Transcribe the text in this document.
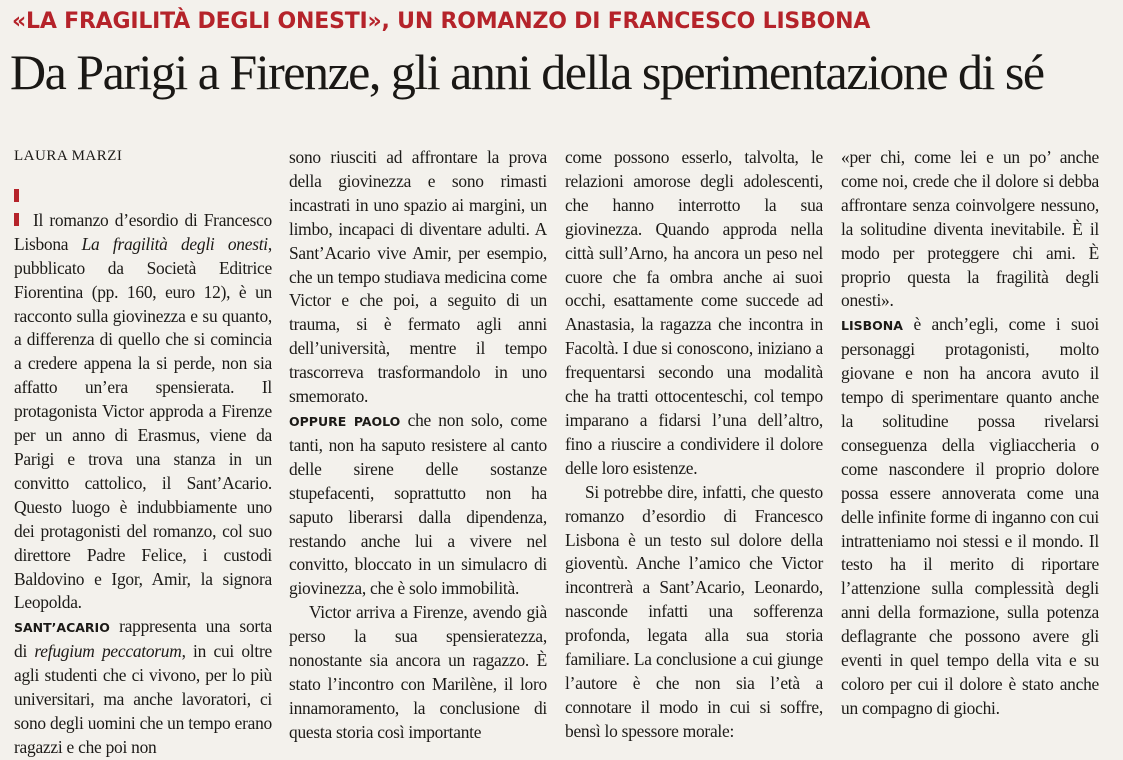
«LA FRAGILITÀ DEGLI ONESTI», UN ROMANZO DI FRANCESCO LISBONA
Da Parigi a Firenze, gli anni della sperimentazione di sé
LAURA MARZI

Il romanzo d’esordio di Francesco Lisbona La fragilità degli onesti, pubblicato da Società Editrice Fiorentina (pp. 160, euro 12), è un racconto sulla giovinezza e su quanto, a differenza di quello che si comincia a credere appena la si perde, non sia affatto un’era spensierata. Il protagonista Victor approda a Firenze per un anno di Erasmus, viene da Parigi e trova una stanza in un convitto cattolico, il Sant’Acario. Questo luogo è indubbiamente uno dei protagonisti del romanzo, col suo direttore Padre Felice, i custodi Baldovino e Igor, Amir, la signora Leopolda.

SANT’ACARIO rappresenta una sorta di refugium peccatorum, in cui oltre agli studenti che ci vivono, per lo più universitari, ma anche lavoratori, ci sono degli uomini che un tempo erano ragazzi e che poi non

sono riusciti ad affrontare la prova della giovinezza e sono rimasti incastrati in uno spazio ai margini, un limbo, incapaci di diventare adulti. A Sant’Acario vive Amir, per esempio, che un tempo studiava medicina come Victor e che poi, a seguito di un trauma, si è fermato agli anni dell’università, mentre il tempo trascorreva trasformandolo in uno smemorato.

OPPURE PAOLO che non solo, come tanti, non ha saputo resistere al canto delle sirene delle sostanze stupefacenti, soprattutto non ha saputo liberarsi dalla dipendenza, restando anche lui a vivere nel convitto, bloccato in un simulacro di giovinezza, che è solo immobilità.

Victor arriva a Firenze, avendo già perso la sua spensieratezza, nonostante sia ancora un ragazzo. È stato l’incontro con Marilène, il loro innamoramento, la conclusione di questa storia così importante

come possono esserlo, talvolta, le relazioni amorose degli adolescenti, che hanno interrotto la sua giovinezza. Quando approda nella città sull’Arno, ha ancora un peso nel cuore che fa ombra anche ai suoi occhi, esattamente come succede ad Anastasia, la ragazza che incontra in Facoltà. I due si conoscono, iniziano a frequentarsi secondo una modalità che ha tratti ottocenteschi, col tempo imparano a fidarsi l’una dell’altro, fino a riuscire a condividere il dolore delle loro esistenze.

Si potrebbe dire, infatti, che questo romanzo d’esordio di Francesco Lisbona è un testo sul dolore della gioventù. Anche l’amico che Victor incontrerà a Sant’Acario, Leonardo, nasconde infatti una sofferenza profonda, legata alla sua storia familiare. La conclusione a cui giunge l’autore è che non sia l’età a connotare il modo in cui si soffre, bensì lo spessore morale:

«per chi, come lei e un po’ anche come noi, crede che il dolore si debba affrontare senza coinvolgere nessuno, la solitudine diventa inevitabile. È il modo per proteggere chi ami. È proprio questa la fragilità degli onesti».

LISBONA è anch’egli, come i suoi personaggi protagonisti, molto giovane e non ha ancora avuto il tempo di sperimentare quanto anche la solitudine possa rivelarsi conseguenza della vigliaccheria o come nascondere il proprio dolore possa essere annoverata come una delle infinite forme di inganno con cui intratteniamo noi stessi e il mondo. Il testo ha il merito di riportare l’attenzione sulla complessità degli anni della formazione, sulla potenza deflagrante che possono avere gli eventi in quel tempo della vita e su coloro per cui il dolore è stato anche un compagno di giochi.
